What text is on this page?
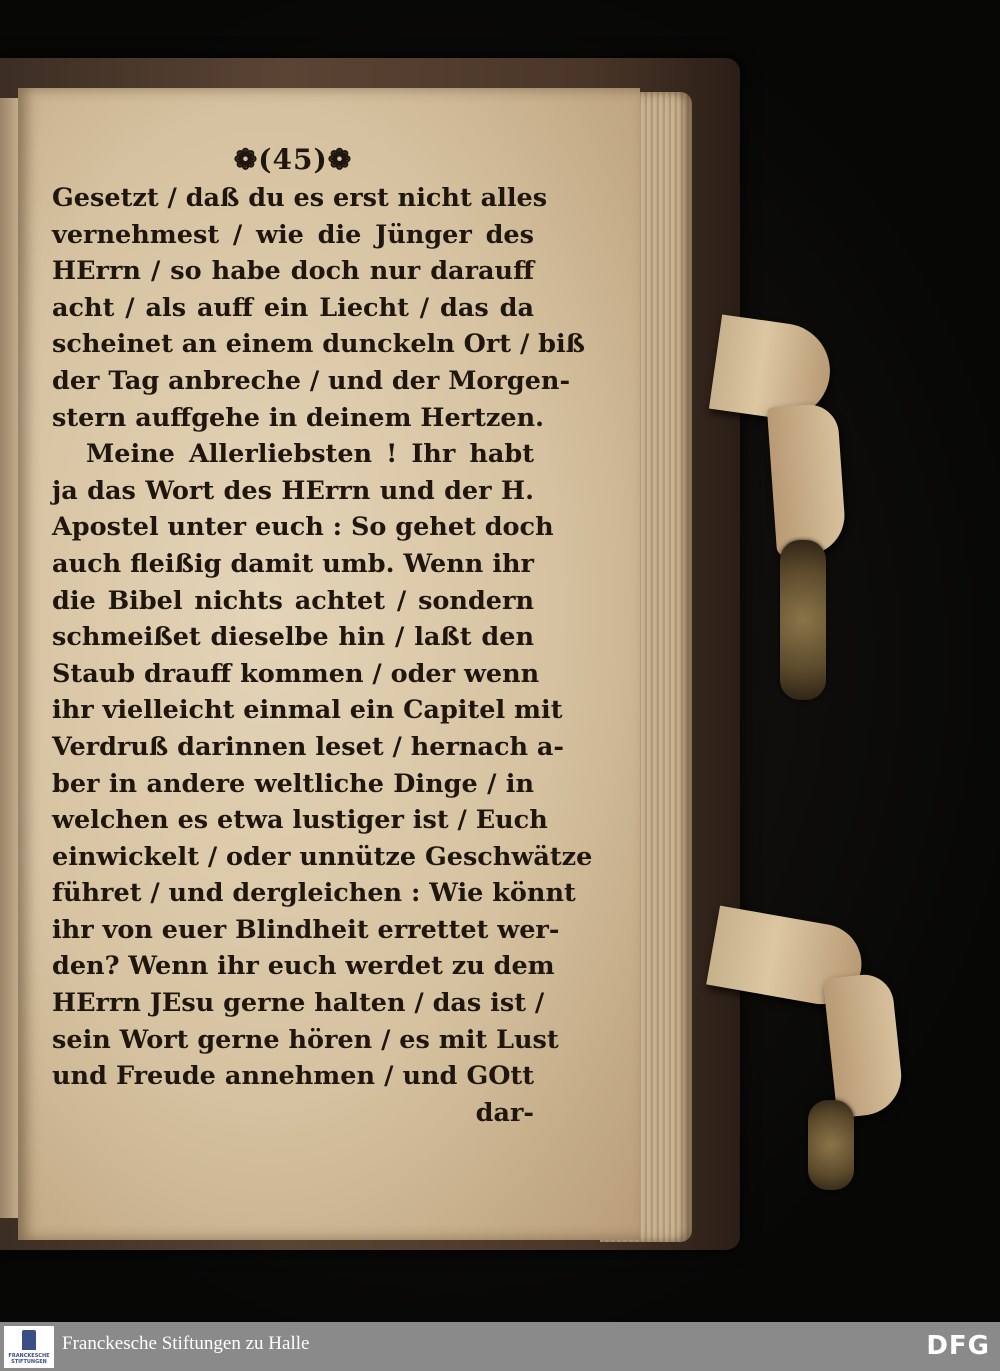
❁(45)❁
Gesetzt / daß du es erst nicht alles
vernehmest / wie die Jünger des
HErrn / so habe doch nur darauff
acht / als auff ein Liecht / das da
scheinet an einem dunckeln Ort / biß
der Tag anbreche / und der Morgen-
stern auffgehe in deinem Hertzen.
Meine Allerliebsten ! Ihr habt
ja das Wort des HErrn und der H.
Apostel unter euch : So gehet doch
auch fleißig damit umb. Wenn ihr
die Bibel nichts achtet / sondern
schmeißet dieselbe hin / laßt den
Staub drauff kommen / oder wenn
ihr vielleicht einmal ein Capitel mit
Verdruß darinnen leset / hernach a-
ber in andere weltliche Dinge / in
welchen es etwa lustiger ist / Euch
einwickelt / oder unnütze Geschwätze
führet / und dergleichen : Wie könnt
ihr von euer Blindheit errettet wer-
den? Wenn ihr euch werdet zu dem
HErrn JEsu gerne halten / das ist /
sein Wort gerne hören / es mit Lust
und Freude annehmen / und GOtt
dar-
FRANCKESCHE STIFTUNGEN
Franckesche Stiftungen zu Halle	DFG
